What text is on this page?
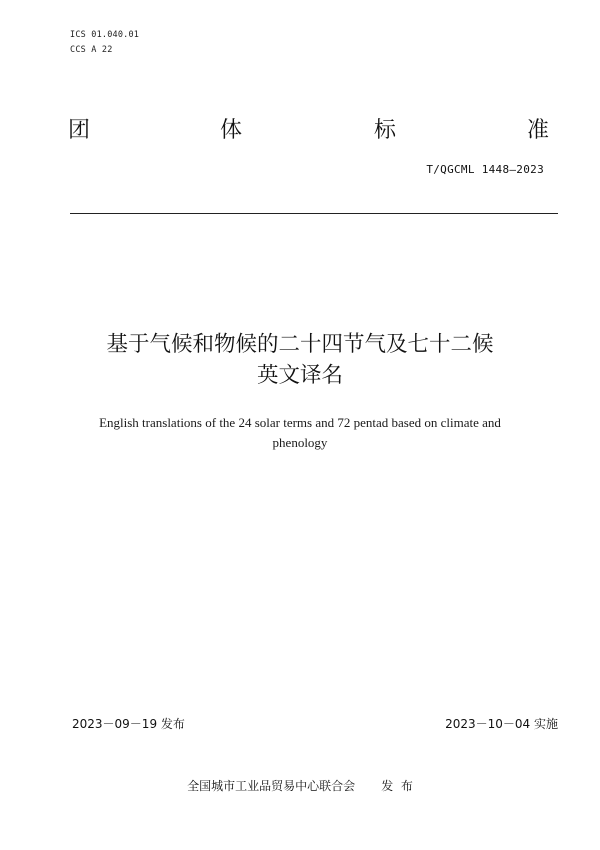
ICS 01.040.01
CCS A 22
团	体	标	准
T/QGCML 1448—2023
基于气候和物候的二十四节气及七十二候
英文译名
English translations of the 24 solar terms and 72 pentad based on climate and
phenology
2023－09－19 发布	2023－10－04 实施
全国城市工业品贸易中心联合会 发  布
